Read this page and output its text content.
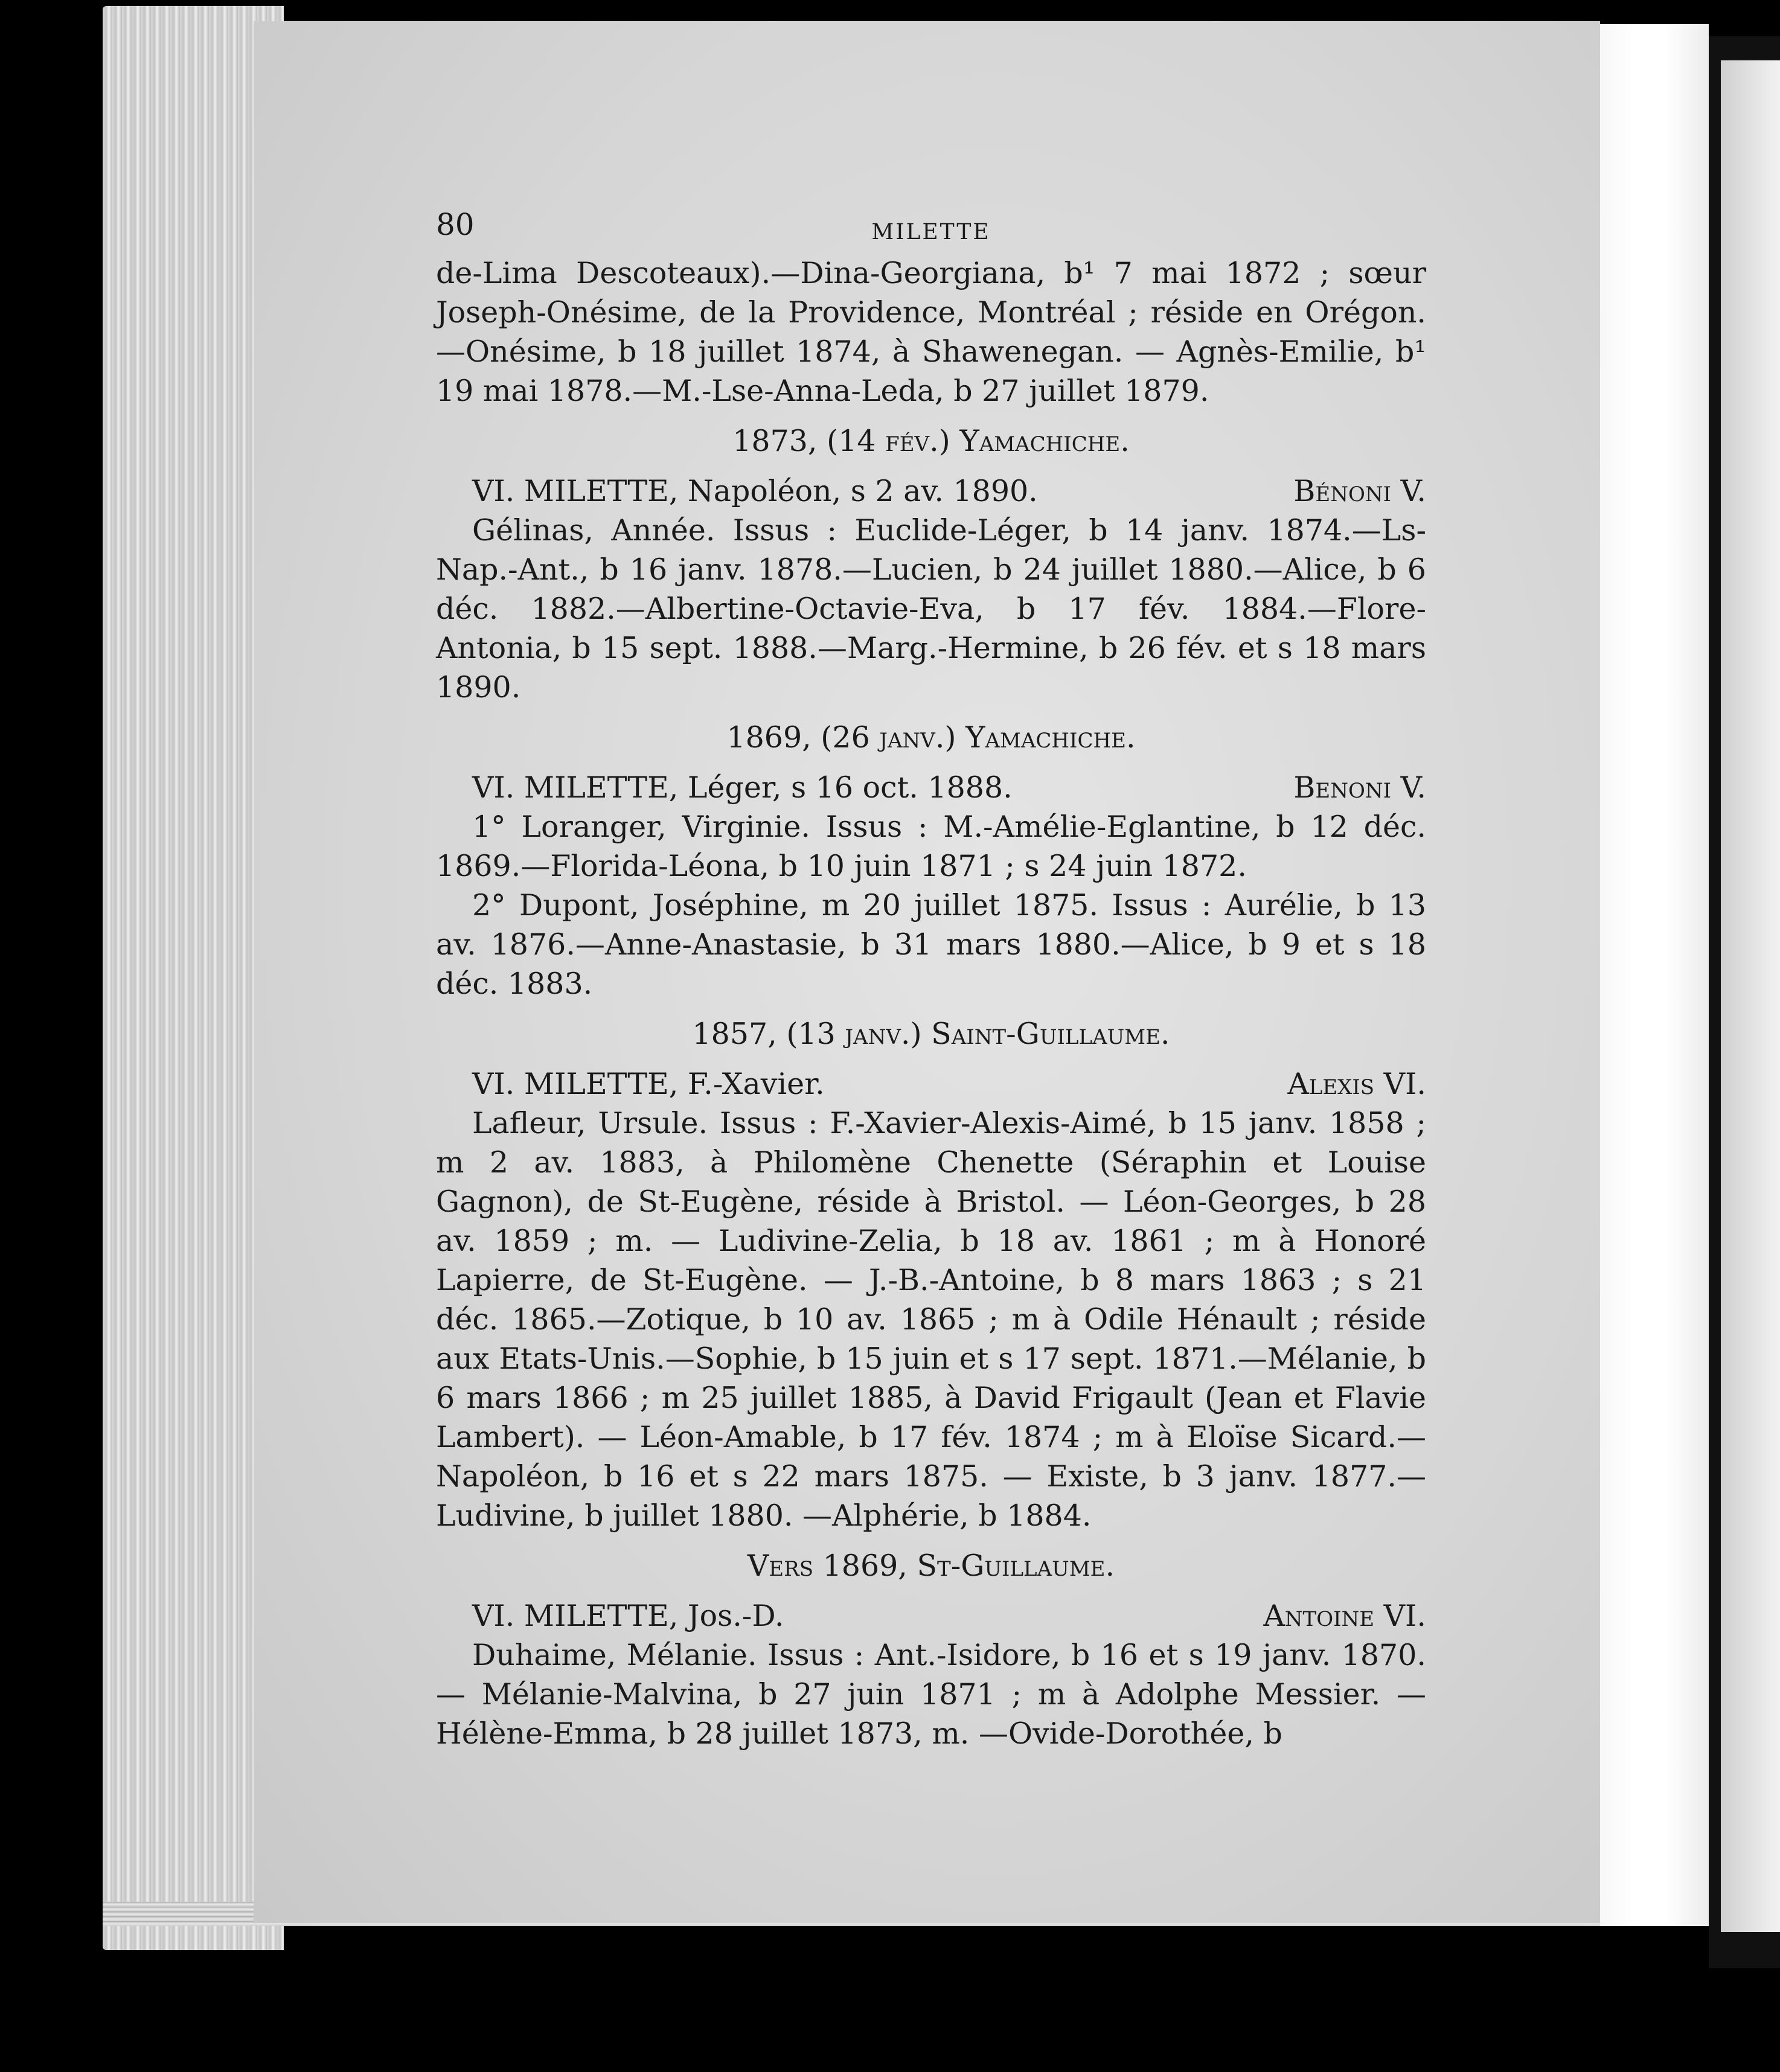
80	MILETTE

de-Lima Descoteaux).—Dina-Georgiana, b¹ 7 mai 1872 ; sœur Joseph-Onésime, de la Providence, Montréal ; réside en Orégon. —Onésime, b 18 juillet 1874, à Shawenegan. — Agnès-Emilie, b¹ 19 mai 1878.—M.-Lse-Anna-Leda, b 27 juillet 1879.

1873, (14 fév.) Yamachiche.

VI. MILETTE, Napoléon, s 2 av. 1890.	Bénoni V.

Gélinas, Année. Issus : Euclide-Léger, b 14 janv. 1874.—Ls-Nap.-Ant., b 16 janv. 1878.—Lucien, b 24 juillet 1880.—Alice, b 6 déc. 1882.—Albertine-Octavie-Eva, b 17 fév. 1884.—Flore-Antonia, b 15 sept. 1888.—Marg.-Hermine, b 26 fév. et s 18 mars 1890.

1869, (26 janv.) Yamachiche.

VI. MILETTE, Léger, s 16 oct. 1888.	Benoni V.

1° Loranger, Virginie. Issus : M.-Amélie-Eglantine, b 12 déc. 1869.—Florida-Léona, b 10 juin 1871 ; s 24 juin 1872.

2° Dupont, Joséphine, m 20 juillet 1875. Issus : Aurélie, b 13 av. 1876.—Anne-Anastasie, b 31 mars 1880.—Alice, b 9 et s 18 déc. 1883.

1857, (13 janv.) Saint-Guillaume.

VI. MILETTE, F.-Xavier.	Alexis VI.

Lafleur, Ursule. Issus : F.-Xavier-Alexis-Aimé, b 15 janv. 1858 ; m 2 av. 1883, à Philomène Chenette (Séraphin et Louise Gagnon), de St-Eugène, réside à Bristol. — Léon-Georges, b 28 av. 1859 ; m. — Ludivine-Zelia, b 18 av. 1861 ; m à Honoré Lapierre, de St-Eugène. — J.-B.-Antoine, b 8 mars 1863 ; s 21 déc. 1865.—Zotique, b 10 av. 1865 ; m à Odile Hénault ; réside aux Etats-Unis.—Sophie, b 15 juin et s 17 sept. 1871.—Mélanie, b 6 mars 1866 ; m 25 juillet 1885, à David Frigault (Jean et Flavie Lambert). — Léon-Amable, b 17 fév. 1874 ; m à Eloïse Sicard.—Napoléon, b 16 et s 22 mars 1875. — Existe, b 3 janv. 1877.—Ludivine, b juillet 1880. —Alphérie, b 1884.

Vers 1869, St-Guillaume.

VI. MILETTE, Jos.-D.	Antoine VI.

Duhaime, Mélanie. Issus : Ant.-Isidore, b 16 et s 19 janv. 1870. — Mélanie-Malvina, b 27 juin 1871 ; m à Adolphe Messier. — Hélène-Emma, b 28 juillet 1873, m. —Ovide-Dorothée, b
